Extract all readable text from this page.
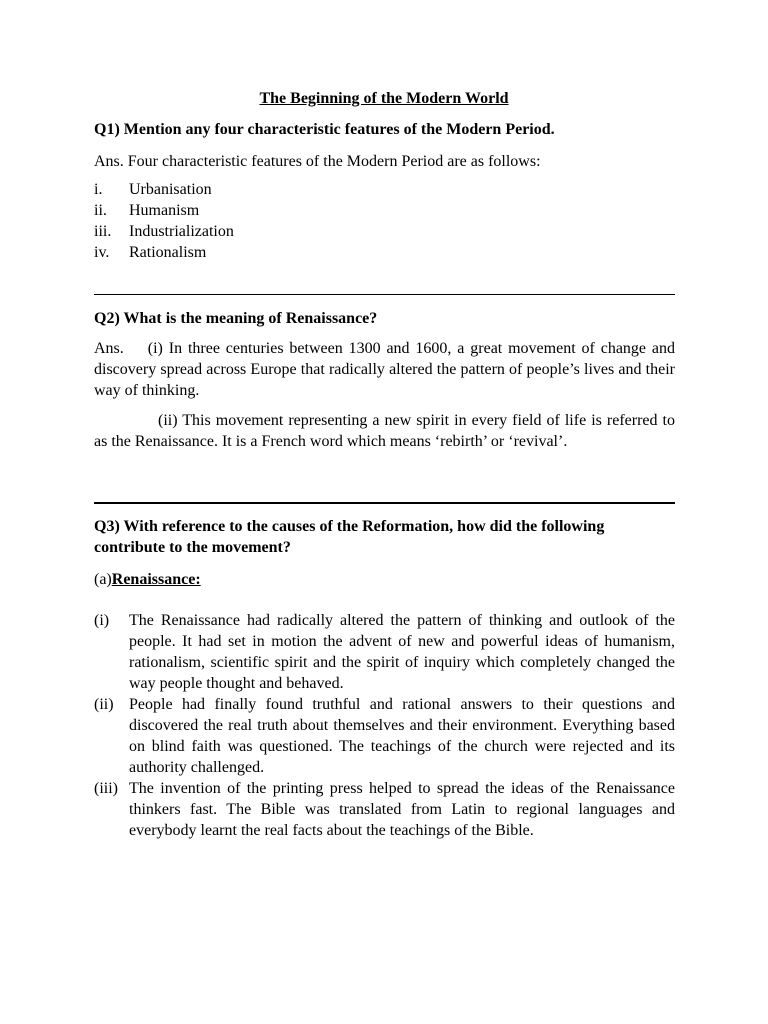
The Beginning of the Modern World
Q1) Mention any four characteristic features of the Modern Period.
Ans. Four characteristic features of the Modern Period are as follows:
i.	Urbanisation
ii.	Humanism
iii.	Industrialization
iv.	Rationalism
Q2) What is the meaning of Renaissance?
Ans.  (i) In three centuries between 1300 and 1600, a great movement of change and discovery spread across Europe that radically altered the pattern of people’s lives and their way of thinking.
    (ii) This movement representing a new spirit in every field of life is referred to as the Renaissance. It is a French word which means ‘rebirth’ or ‘revival’.
Q3) With reference to the causes of the Reformation, how did the following contribute to the movement?
(a)Renaissance:
(i)	The Renaissance had radically altered the pattern of thinking and outlook of the people. It had set in motion the advent of new and powerful ideas of humanism, rationalism, scientific spirit and the spirit of inquiry which completely changed the way people thought and behaved.
(ii) People had finally found truthful and rational answers to their questions and discovered the real truth about themselves and their environment. Everything based on blind faith was questioned. The teachings of the church were rejected and its authority challenged.
(iii) The invention of the printing press helped to spread the ideas of the Renaissance thinkers fast. The Bible was translated from Latin to regional languages and everybody learnt the real facts about the teachings of the Bible.
